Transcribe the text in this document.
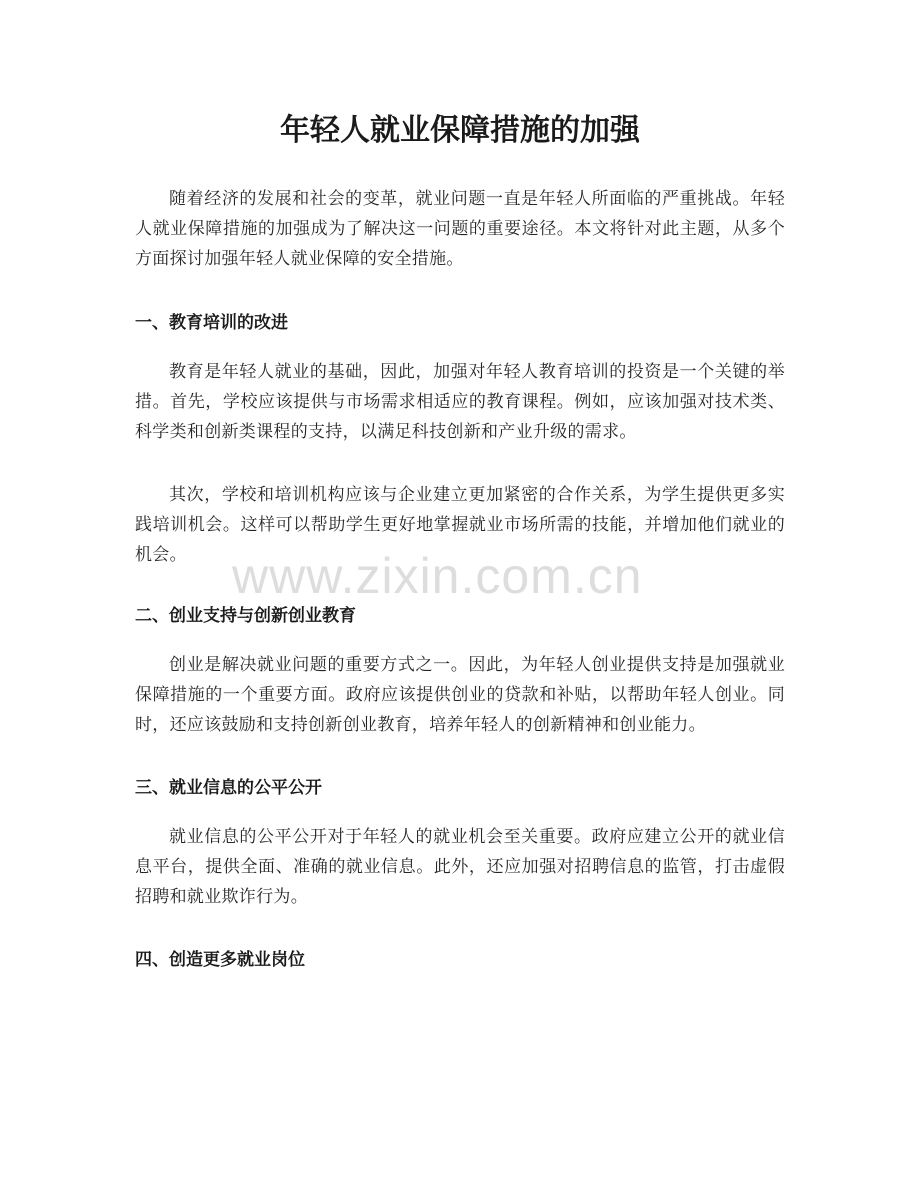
年轻人就业保障措施的加强

随着经济的发展和社会的变革，就业问题一直是年轻人所面临的严重挑战。年轻人就业保障措施的加强成为了解决这一问题的重要途径。本文将针对此主题，从多个方面探讨加强年轻人就业保障的安全措施。

一、教育培训的改进

教育是年轻人就业的基础，因此，加强对年轻人教育培训的投资是一个关键的举措。首先，学校应该提供与市场需求相适应的教育课程。例如，应该加强对技术类、科学类和创新类课程的支持，以满足科技创新和产业升级的需求。

其次，学校和培训机构应该与企业建立更加紧密的合作关系，为学生提供更多实践培训机会。这样可以帮助学生更好地掌握就业市场所需的技能，并增加他们就业的机会。

二、创业支持与创新创业教育

创业是解决就业问题的重要方式之一。因此，为年轻人创业提供支持是加强就业保障措施的一个重要方面。政府应该提供创业的贷款和补贴，以帮助年轻人创业。同时，还应该鼓励和支持创新创业教育，培养年轻人的创新精神和创业能力。

三、就业信息的公平公开

就业信息的公平公开对于年轻人的就业机会至关重要。政府应建立公开的就业信息平台，提供全面、准确的就业信息。此外，还应加强对招聘信息的监管，打击虚假招聘和就业欺诈行为。

四、创造更多就业岗位
www.zixin.com.cn
